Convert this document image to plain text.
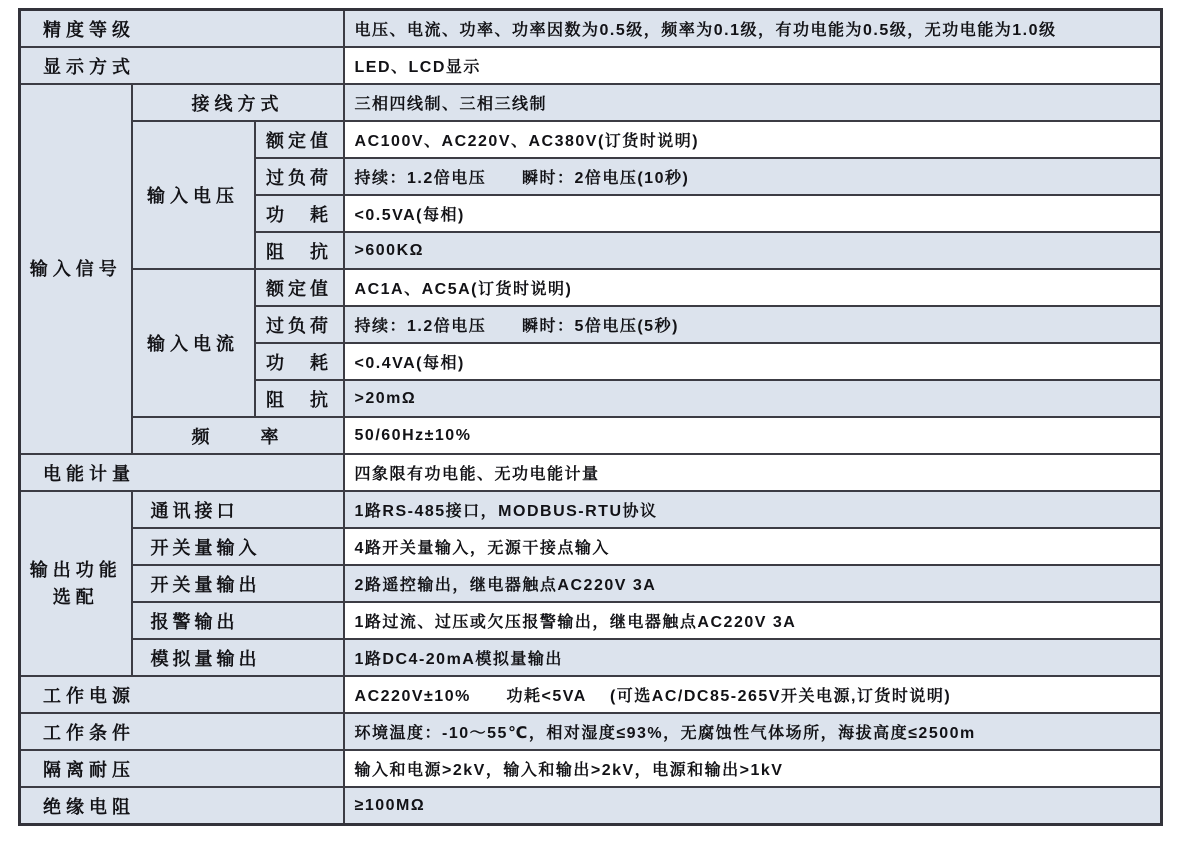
精度等级			电压、电流、功率、功率因数为0.5级，频率为0.1级，有功电能为0.5级，无功电能为1.0级
显示方式			LED、LCD显示
输入信号	接线方式		三相四线制、三相三线制
	输入电压	额定值	AC100V、AC220V、AC380V(订货时说明)
		过负荷	持续：1.2倍电压      瞬时：2倍电压(10秒)
		功　耗	<0.5VA(每相)
		阻　抗	>600KΩ
	输入电流	额定值	AC1A、AC5A(订货时说明)
		过负荷	持续：1.2倍电压      瞬时：5倍电压(5秒)
		功　耗	<0.4VA(每相)
		阻　抗	>20mΩ
	频　　率		50/60Hz±10%
电能计量			四象限有功电能、无功电能计量
输出功能选配	通讯接口		1路RS-485接口，MODBUS-RTU协议
	开关量输入		4路开关量输入，无源干接点输入
	开关量输出		2路遥控输出，继电器触点AC220V 3A
	报警输出		1路过流、过压或欠压报警输出，继电器触点AC220V 3A
	模拟量输出		1路DC4-20mA模拟量输出
工作电源			AC220V±10%      功耗<5VA    (可选AC/DC85-265V开关电源,订货时说明)
工作条件			环境温度：-10～55℃，相对湿度≤93%，无腐蚀性气体场所，海拔高度≤2500m
隔离耐压			输入和电源>2kV，输入和输出>2kV，电源和输出>1kV
绝缘电阻			≥100MΩ
